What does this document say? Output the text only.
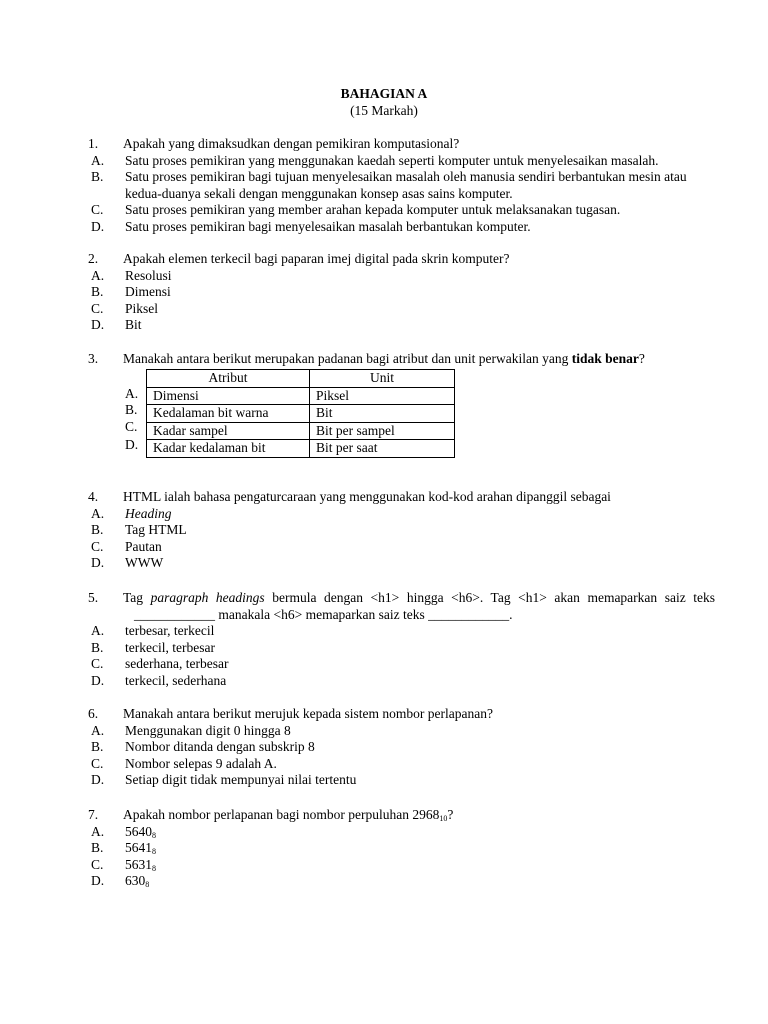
BAHAGIAN A
(15 Markah)
1. Apakah yang dimaksudkan dengan pemikiran komputasional?
A. Satu proses pemikiran yang menggunakan kaedah seperti komputer untuk menyelesaikan masalah.
B. Satu proses pemikiran bagi tujuan menyelesaikan masalah oleh manusia sendiri berbantukan mesin atau kedua-duanya sekali dengan menggunakan konsep asas sains komputer.
C. Satu proses pemikiran yang member arahan kepada komputer untuk melaksanakan tugasan.
D. Satu proses pemikiran bagi menyelesaikan masalah berbantukan komputer.
2. Apakah elemen terkecil bagi paparan imej digital pada skrin komputer?
A. Resolusi
B. Dimensi
C. Piksel
D. Bit
3. Manakah antara berikut merupakan padanan bagi atribut dan unit perwakilan yang tidak benar?
A.
B.
C.
D.
Atribut	Unit
Dimensi	Piksel
Kedalaman bit warna	Bit
Kadar sampel	Bit per sampel
Kadar kedalaman bit	Bit per saat
4. HTML ialah bahasa pengaturcaraan yang menggunakan kod-kod arahan dipanggil sebagai
A. Heading
B. Tag HTML
C. Pautan
D. WWW
5. Tag paragraph headings bermula dengan <h1> hingga <h6>. Tag <h1> akan memaparkan saiz teks
____________ manakala <h6> memaparkan saiz teks ____________.
A. terbesar, terkecil
B. terkecil, terbesar
C. sederhana, terbesar
D. terkecil, sederhana
6. Manakah antara berikut merujuk kepada sistem nombor perlapanan?
A. Menggunakan digit 0 hingga 8
B. Nombor ditanda dengan subskrip 8
C. Nombor selepas 9 adalah A.
D. Setiap digit tidak mempunyai nilai tertentu
7. Apakah nombor perlapanan bagi nombor perpuluhan $2968_{10}$?
A. $5640_8$
B. $5641_8$
C. $5631_8$
D. $630_8$
